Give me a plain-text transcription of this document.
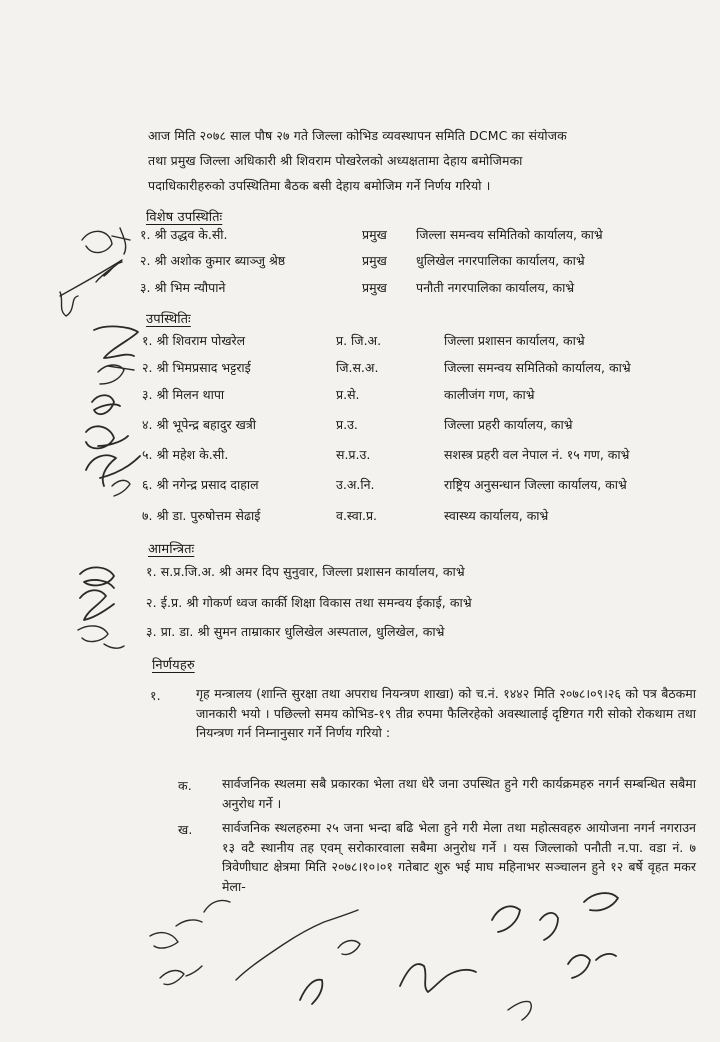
आज मिति २०७८ साल पौष २७ गते जिल्ला कोभिड व्यवस्थापन समिति DCMC का संयोजक
तथा प्रमुख जिल्ला अधिकारी श्री शिवराम पोखरेलको अध्यक्षतामा देहाय बमोजिमका
पदाधिकारीहरुको उपस्थितिमा बैठक बसी देहाय बमोजिम गर्ने निर्णय गरियो ।
विशेष उपस्थितिः
१. श्री उद्धव के.सी.	प्रमुख जिल्ला समन्वय समितिको कार्यालय, काभ्रे
२. श्री अशोक कुमार ब्याञ्जु श्रेष्ठ	प्रमुख धुलिखेल नगरपालिका कार्यालय, काभ्रे
३. श्री भिम न्यौपाने	प्रमुख पनौती नगरपालिका कार्यालय, काभ्रे
उपस्थितिः
१. श्री शिवराम पोखरेल	प्र. जि.अ.	जिल्ला प्रशासन कार्यालय, काभ्रे
२. श्री भिमप्रसाद भट्टराई	जि.स.अ.	जिल्ला समन्वय समितिको कार्यालय, काभ्रे
३. श्री मिलन थापा	प्र.से.	कालीजंग गण, काभ्रे
४. श्री भूपेन्द्र बहादुर खत्री	प्र.उ.	जिल्ला प्रहरी कार्यालय, काभ्रे
५. श्री महेश के.सी.	स.प्र.उ.	सशस्त्र प्रहरी वल नेपाल नं. १५ गण, काभ्रे
६. श्री नगेन्द्र प्रसाद दाहाल	उ.अ.नि.	राष्ट्रिय अनुसन्धान जिल्ला कार्यालय, काभ्रे
७. श्री डा. पुरुषोत्तम सेढाई	व.स्वा.प्र.	स्वास्थ्य कार्यालय, काभ्रे
आमन्त्रितः
१. स.प्र.जि.अ. श्री अमर दिप सुनुवार, जिल्ला प्रशासन कार्यालय, काभ्रे
२. ई.प्र. श्री गोकर्ण ध्वज कार्की शिक्षा विकास तथा समन्वय ईकाई, काभ्रे
३. प्रा. डा. श्री सुमन ताम्राकार धुलिखेल अस्पताल, धुलिखेल, काभ्रे
निर्णयहरु
१.	गृह मन्त्रालय (शान्ति सुरक्षा तथा अपराध नियन्त्रण शाखा) को च.नं. १४४२ मिति २०७८।०९।२६ को पत्र बैठकमा जानकारी भयो । पछिल्लो समय कोभिड-१९ तीव्र रुपमा फैलिरहेको अवस्थालाई दृष्टिगत गरी सोको रोकथाम तथा नियन्त्रण गर्न निम्नानुसार गर्ने निर्णय गरियो :
क. सार्वजनिक स्थलमा सबै प्रकारका भेला तथा धेरै जना उपस्थित हुने गरी कार्यक्रमहरु नगर्न सम्बन्धित सबैमा अनुरोध गर्ने ।
ख. सार्वजनिक स्थलहरुमा २५ जना भन्दा बढि भेला हुने गरी मेला तथा महोत्सवहरु आयोजना नगर्न नगराउन १३ वटै स्थानीय तह एवम् सरोकारवाला सबैमा अनुरोध गर्ने । यस जिल्लाको पनौती न.पा. वडा नं. ७ त्रिवेणीघाट क्षेत्रमा मिति २०७८।१०।०१ गतेबाट शुरु भई माघ महिनाभर सञ्चालन हुने १२ बर्षे वृहत मकर मेला-
